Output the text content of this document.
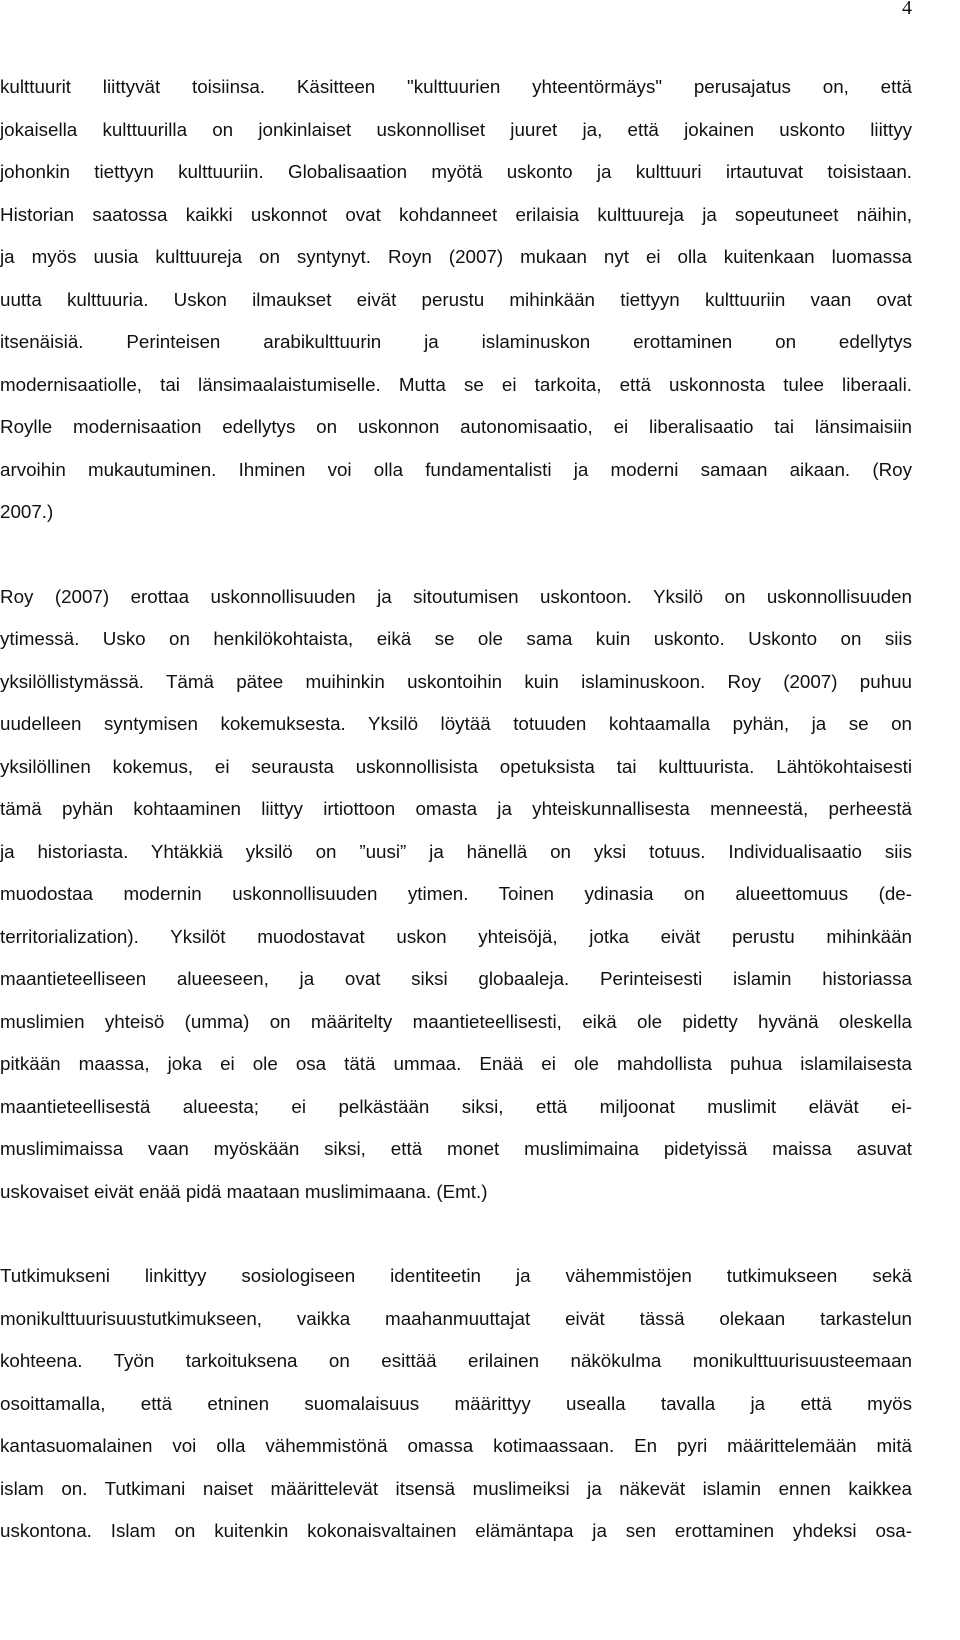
4
kulttuurit liittyvät toisiinsa. Käsitteen "kulttuurien yhteentörmäys" perusajatus on, että
jokaisella kulttuurilla on jonkinlaiset uskonnolliset juuret ja, että jokainen uskonto liittyy
johonkin tiettyyn kulttuuriin. Globalisaation myötä uskonto ja kulttuuri irtautuvat toisistaan.
Historian saatossa kaikki uskonnot ovat kohdanneet erilaisia kulttuureja ja sopeutuneet näihin,
ja myös uusia kulttuureja on syntynyt. Royn (2007) mukaan nyt ei olla kuitenkaan luomassa
uutta kulttuuria. Uskon ilmaukset eivät perustu mihinkään tiettyyn kulttuuriin vaan ovat
itsenäisiä. Perinteisen arabikulttuurin ja islaminuskon erottaminen on edellytys
modernisaatiolle, tai länsimaalaistumiselle. Mutta se ei tarkoita, että uskonnosta tulee liberaali.
Roylle modernisaation edellytys on uskonnon autonomisaatio, ei liberalisaatio tai länsimaisiin
arvoihin mukautuminen. Ihminen voi olla fundamentalisti ja moderni samaan aikaan. (Roy
2007.)
Roy (2007) erottaa uskonnollisuuden ja sitoutumisen uskontoon. Yksilö on uskonnollisuuden
ytimessä. Usko on henkilökohtaista, eikä se ole sama kuin uskonto. Uskonto on siis
yksilöllistymässä. Tämä pätee muihinkin uskontoihin kuin islaminuskoon. Roy (2007) puhuu
uudelleen syntymisen kokemuksesta. Yksilö löytää totuuden kohtaamalla pyhän, ja se on
yksilöllinen kokemus, ei seurausta uskonnollisista opetuksista tai kulttuurista. Lähtökohtaisesti
tämä pyhän kohtaaminen liittyy irtiottoon omasta ja yhteiskunnallisesta menneestä, perheestä
ja historiasta. Yhtäkkiä yksilö on ”uusi” ja hänellä on yksi totuus. Individualisaatio siis
muodostaa modernin uskonnollisuuden ytimen. Toinen ydinasia on alueettomuus (de-
territorialization). Yksilöt muodostavat uskon yhteisöjä, jotka eivät perustu mihinkään
maantieteelliseen alueeseen, ja ovat siksi globaaleja. Perinteisesti islamin historiassa
muslimien yhteisö (umma) on määritelty maantieteellisesti, eikä ole pidetty hyvänä oleskella
pitkään maassa, joka ei ole osa tätä ummaa. Enää ei ole mahdollista puhua islamilaisesta
maantieteellisestä alueesta; ei pelkästään siksi, että miljoonat muslimit elävät ei-
muslimimaissa vaan myöskään siksi, että monet muslimimaina pidetyissä maissa asuvat
uskovaiset eivät enää pidä maataan muslimimaana. (Emt.)
Tutkimukseni linkittyy sosiologiseen identiteetin ja vähemmistöjen tutkimukseen sekä
monikulttuurisuustutkimukseen, vaikka maahanmuuttajat eivät tässä olekaan tarkastelun
kohteena. Työn tarkoituksena on esittää erilainen näkökulma monikulttuurisuusteemaan
osoittamalla, että etninen suomalaisuus määrittyy usealla tavalla ja että myös
kantasuomalainen voi olla vähemmistönä omassa kotimaassaan. En pyri määrittelemään mitä
islam on. Tutkimani naiset määrittelevät itsensä muslimeiksi ja näkevät islamin ennen kaikkea
uskontona. Islam on kuitenkin kokonaisvaltainen elämäntapa ja sen erottaminen yhdeksi osa-
